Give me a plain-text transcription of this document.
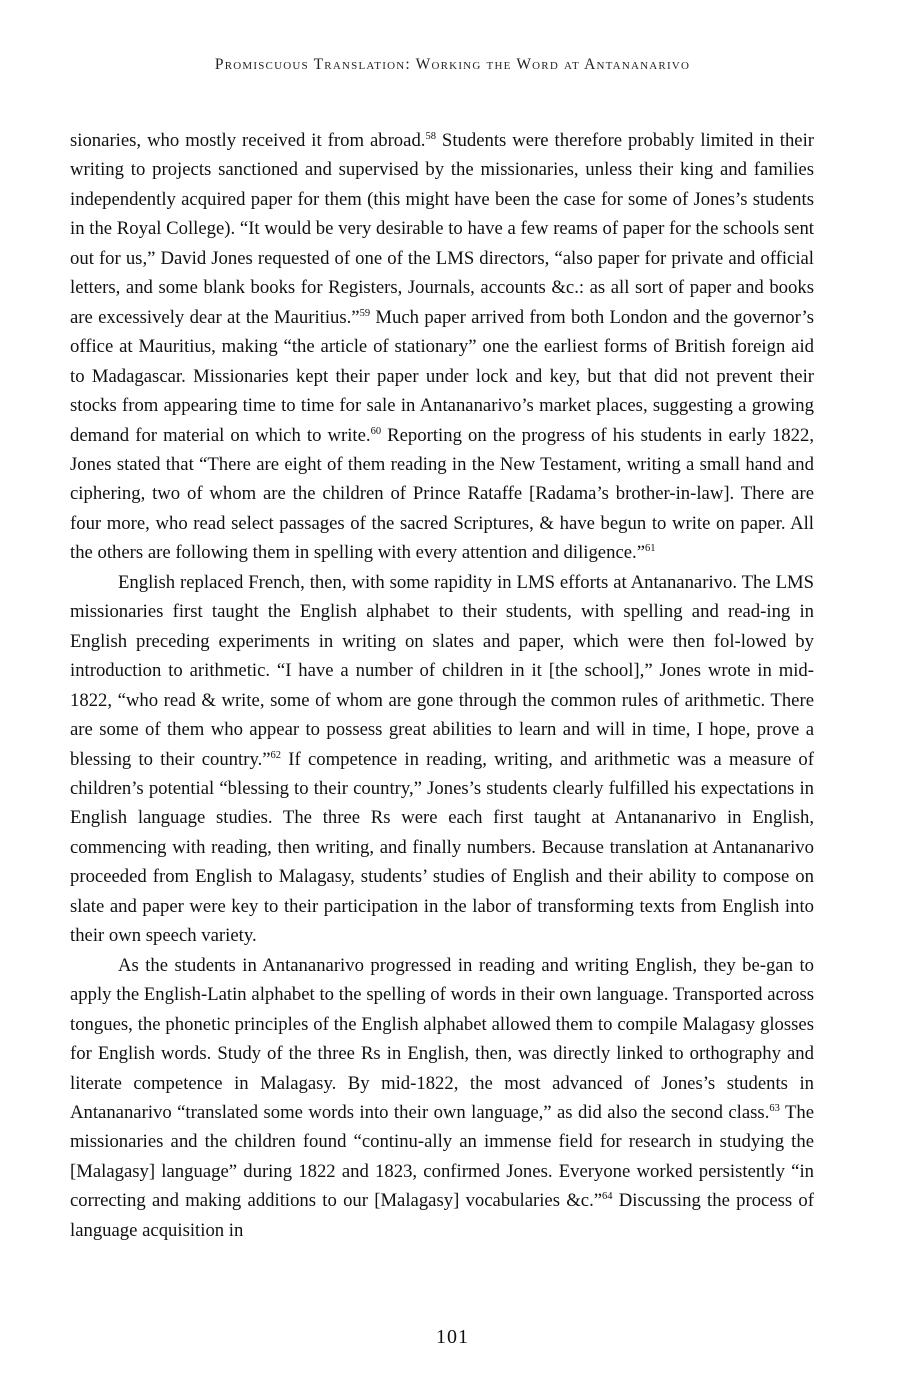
Promiscuous Translation: Working the Word at Antananarivo

sionaries, who mostly received it from abroad.$^{58}$ Students were therefore probably limited in their writing to projects sanctioned and supervised by the missionaries, unless their king and families independently acquired paper for them (this might have been the case for some of Jones’s students in the Royal College). “It would be very desirable to have a few reams of paper for the schools sent out for us,” David Jones requested of one of the LMS directors, “also paper for private and official letters, and some blank books for Registers, Journals, accounts &c.: as all sort of paper and books are excessively dear at the Mauritius.”$^{59}$ Much paper arrived from both London and the governor’s office at Mauritius, making “the article of stationary” one the earliest forms of British foreign aid to Madagascar. Missionaries kept their paper under lock and key, but that did not prevent their stocks from appearing time to time for sale in Antananarivo’s market places, suggesting a growing demand for material on which to write.$^{60}$ Reporting on the progress of his students in early 1822, Jones stated that “There are eight of them reading in the New Testament, writing a small hand and ciphering, two of whom are the children of Prince Rataffe [Radama’s brother-in-law]. There are four more, who read select passages of the sacred Scriptures, & have begun to write on paper. All the others are following them in spelling with every attention and diligence.”$^{61}$

English replaced French, then, with some rapidity in LMS efforts at Antananarivo. The LMS missionaries first taught the English alphabet to their students, with spelling and read-ing in English preceding experiments in writing on slates and paper, which were then fol-lowed by introduction to arithmetic. “I have a number of children in it [the school],” Jones wrote in mid-1822, “who read & write, some of whom are gone through the common rules of arithmetic. There are some of them who appear to possess great abilities to learn and will in time, I hope, prove a blessing to their country.”$^{62}$ If competence in reading, writing, and arithmetic was a measure of children’s potential “blessing to their country,” Jones’s students clearly fulfilled his expectations in English language studies. The three Rs were each first taught at Antananarivo in English, commencing with reading, then writing, and finally numbers. Because translation at Antananarivo proceeded from English to Malagasy, students’ studies of English and their ability to compose on slate and paper were key to their participation in the labor of transforming texts from English into their own speech variety.

As the students in Antananarivo progressed in reading and writing English, they be-gan to apply the English-Latin alphabet to the spelling of words in their own language. Transported across tongues, the phonetic principles of the English alphabet allowed them to compile Malagasy glosses for English words. Study of the three Rs in English, then, was directly linked to orthography and literate competence in Malagasy. By mid-1822, the most advanced of Jones’s students in Antananarivo “translated some words into their own language,” as did also the second class.$^{63}$ The missionaries and the children found “continu-ally an immense field for research in studying the [Malagasy] language” during 1822 and 1823, confirmed Jones. Everyone worked persistently “in correcting and making additions to our [Malagasy] vocabularies &c.”$^{64}$ Discussing the process of language acquisition in

101
